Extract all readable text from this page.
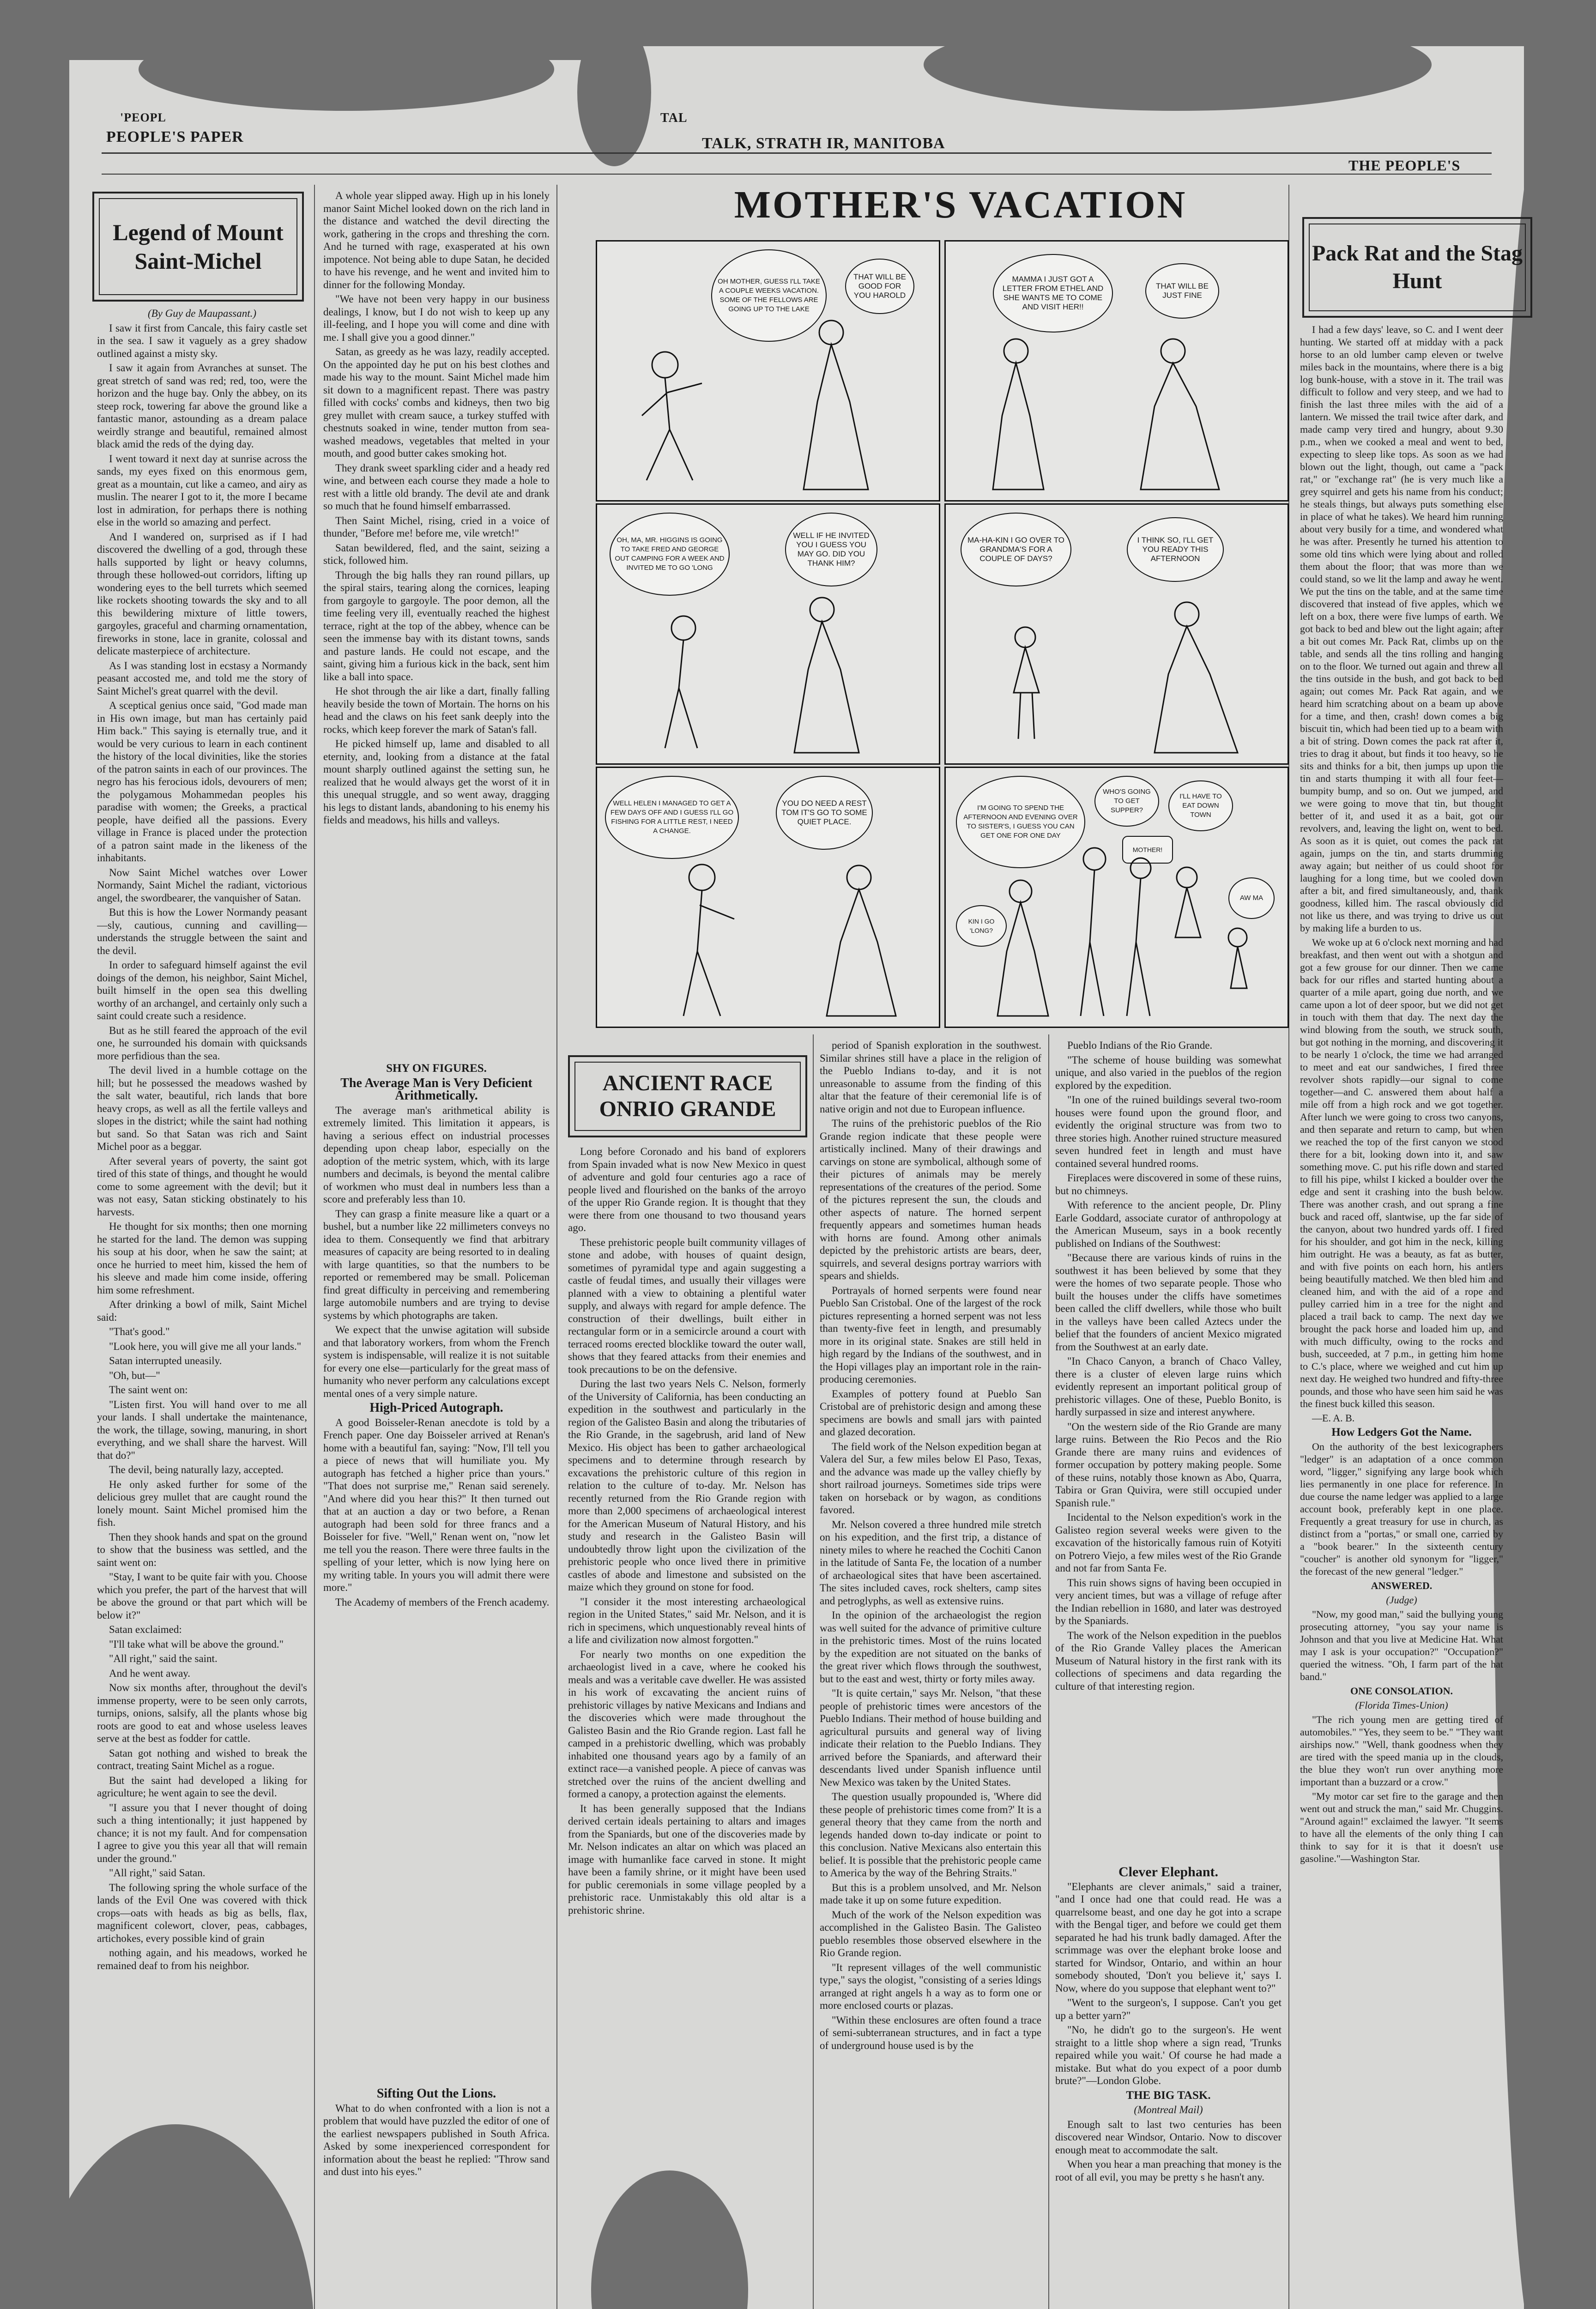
PEOPLE'S PAPER
'PEOPL	TAL
TALK, STRATH IR, MANITOBA
THE PEOPLE'S
Legend of Mount Saint-Michel

(By Guy de Maupassant.)

I saw it first from Cancale, this fairy castle set in the sea. I saw it vaguely as a grey shadow outlined against a misty sky.

I saw it again from Avranches at sunset. The great stretch of sand was red; red, too, were the horizon and the huge bay. Only the abbey, on its steep rock, towering far above the ground like a fantastic manor, astounding as a dream palace weirdly strange and beautiful, remained almost black amid the reds of the dying day.

I went toward it next day at sunrise across the sands, my eyes fixed on this enormous gem, great as a mountain, cut like a cameo, and airy as muslin. The nearer I got to it, the more I became lost in admiration, for perhaps there is nothing else in the world so amazing and perfect.

And I wandered on, surprised as if I had discovered the dwelling of a god, through these halls supported by light or heavy columns, through these hollowed-out corridors, lifting up wondering eyes to the bell turrets which seemed like rockets shooting towards the sky and to all this bewildering mixture of little towers, gargoyles, graceful and charming ornamentation, fireworks in stone, lace in granite, colossal and delicate masterpiece of architecture.

As I was standing lost in ecstasy a Normandy peasant accosted me, and told me the story of Saint Michel's great quarrel with the devil.

A sceptical genius once said, "God made man in His own image, but man has certainly paid Him back." This saying is eternally true, and it would be very curious to learn in each continent the history of the local divinities, like the stories of the patron saints in each of our provinces. The negro has his ferocious idols, devourers of men; the polygamous Mohammedan peoples his paradise with women; the Greeks, a practical people, have deified all the passions. Every village in France is placed under the protection of a patron saint made in the likeness of the inhabitants.

Now Saint Michel watches over Lower Normandy, Saint Michel the radiant, victorious angel, the swordbearer, the vanquisher of Satan.

But this is how the Lower Normandy peasant—sly, cautious, cunning and cavilling—understands the struggle between the saint and the devil.

In order to safeguard himself against the evil doings of the demon, his neighbor, Saint Michel, built himself in the open sea this dwelling worthy of an archangel, and certainly only such a saint could create such a residence.

But as he still feared the approach of the evil one, he surrounded his domain with quicksands more perfidious than the sea.

The devil lived in a humble cottage on the hill; but he possessed the meadows washed by the salt water, beautiful, rich lands that bore heavy crops, as well as all the fertile valleys and slopes in the district; while the saint had nothing but sand. So that Satan was rich and Saint Michel poor as a beggar.

After several years of poverty, the saint got tired of this state of things, and thought he would come to some agreement with the devil; but it was not easy, Satan sticking obstinately to his harvests.

He thought for six months; then one morning he started for the land. The demon was supping his soup at his door, when he saw the saint; at once he hurried to meet him, kissed the hem of his sleeve and made him come inside, offering him some refreshment.

After drinking a bowl of milk, Saint Michel said:

"That's good."

"Look here, you will give me all your lands."

Satan interrupted uneasily.

"Oh, but—"

The saint went on:

"Listen first. You will hand over to me all your lands. I shall undertake the maintenance, the work, the tillage, sowing, manuring, in short everything, and we shall share the harvest. Will that do?"

The devil, being naturally lazy, accepted.

He only asked further for some of the delicious grey mullet that are caught round the lonely mount. Saint Michel promised him the fish.

Then they shook hands and spat on the ground to show that the business was settled, and the saint went on:

"Stay, I want to be quite fair with you. Choose which you prefer, the part of the harvest that will be above the ground or that part which will be below it?"

Satan exclaimed:

"I'll take what will be above the ground."

"All right," said the saint.

And he went away.

Now six months after, throughout the devil's immense property, were to be seen only carrots, turnips, onions, salsify, all the plants whose big roots are good to eat and whose useless leaves serve at the best as fodder for cattle.

Satan got nothing and wished to break the contract, treating Saint Michel as a rogue.

But the saint had developed a liking for agriculture; he went again to see the devil.

"I assure you that I never thought of doing such a thing intentionally; it just happened by chance; it is not my fault. And for compensation I agree to give you this year all that will remain under the ground."

"All right," said Satan.

The following spring the whole surface of the lands of the Evil One was covered with thick crops—oats with heads as big as bells, flax, magnificent colewort, clover, peas, cabbages, artichokes, every possible kind of grain

nothing again, and his meadows, worked he remained deaf to from his neighbor.

A whole year slipped away. High up in his lonely manor Saint Michel looked down on the rich land in the distance and watched the devil directing the work, gathering in the crops and threshing the corn. And he turned with rage, exasperated at his own impotence. Not being able to dupe Satan, he decided to have his revenge, and he went and invited him to dinner for the following Monday.

"We have not been very happy in our business dealings, I know, but I do not wish to keep up any ill-feeling, and I hope you will come and dine with me. I shall give you a good dinner."

Satan, as greedy as he was lazy, readily accepted. On the appointed day he put on his best clothes and made his way to the mount. Saint Michel made him sit down to a magnificent repast. There was pastry filled with cocks' combs and kidneys, then two big grey mullet with cream sauce, a turkey stuffed with chestnuts soaked in wine, tender mutton from sea-washed meadows, vegetables that melted in your mouth, and good butter cakes smoking hot.

They drank sweet sparkling cider and a heady red wine, and between each course they made a hole to rest with a little old brandy. The devil ate and drank so much that he found himself embarrassed.

Then Saint Michel, rising, cried in a voice of thunder, "Before me! before me, vile wretch!"

Satan bewildered, fled, and the saint, seizing a stick, followed him.

Through the big halls they ran round pillars, up the spiral stairs, tearing along the cornices, leaping from gargoyle to gargoyle. The poor demon, all the time feeling very ill, eventually reached the highest terrace, right at the top of the abbey, whence can be seen the immense bay with its distant towns, sands and pasture lands. He could not escape, and the saint, giving him a furious kick in the back, sent him like a ball into space.

He shot through the air like a dart, finally falling heavily beside the town of Mortain. The horns on his head and the claws on his feet sank deeply into the rocks, which keep forever the mark of Satan's fall.

He picked himself up, lame and disabled to all eternity, and, looking from a distance at the fatal mount sharply outlined against the setting sun, he realized that he would always get the worst of it in this unequal struggle, and so went away, dragging his legs to distant lands, abandoning to his enemy his fields and meadows, his hills and valleys.

SHY ON FIGURES.

The Average Man is Very Deficient Arithmetically.

The average man's arithmetical ability is extremely limited. This limitation it appears, is having a serious effect on industrial processes depending upon cheap labor, especially on the adoption of the metric system, which, with its large numbers and decimals, is beyond the mental calibre of workmen who must deal in numbers less than a score and preferably less than 10.

They can grasp a finite measure like a quart or a bushel, but a number like 22 millimeters conveys no idea to them. Consequently we find that arbitrary measures of capacity are being resorted to in dealing with large quantities, so that the numbers to be reported or remembered may be small. Policeman find great difficulty in perceiving and remembering large automobile numbers and are trying to devise systems by which photographs are taken.

We expect that the unwise agitation will subside and that laboratory workers, from whom the French system is indispensable, will realize it is not suitable for every one else—particularly for the great mass of humanity who never perform any calculations except mental ones of a very simple nature.

High-Priced Autograph.

A good Boisseler-Renan anecdote is told by a French paper. One day Boisseler arrived at Renan's home with a beautiful fan, saying: "Now, I'll tell you a piece of news that will humiliate you. My autograph has fetched a higher price than yours." "That does not surprise me," Renan said serenely. "And where did you hear this?" It then turned out that at an auction a day or two before, a Renan autograph had been sold for three francs and a Boisseler for five. "Well," Renan went on, "now let me tell you the reason. There were three faults in the spelling of your letter, which is now lying here on my writing table. In yours you will admit there were more."

The Academy of members of the French academy.

Sifting Out the Lions.

What to do when confronted with a lion is not a problem that would have puzzled the editor of one of the earliest newspapers published in South Africa. Asked by some inexperienced correspondent for information about the beast he replied: "Throw sand and dust into his eyes."

MOTHER'S VACATION
OH MOTHER, GUESS I'LL TAKE A COUPLE WEEKS VACATION. SOME OF THE FELLOWS ARE GOING UP TO THE LAKE
THAT WILL BE GOOD FOR YOU HAROLD
MAMMA I JUST GOT A LETTER FROM ETHEL AND SHE WANTS ME TO COME AND VISIT HER!!
THAT WILL BE JUST FINE
OH, MA, MR. HIGGINS IS GOING TO TAKE FRED AND GEORGE OUT CAMPING FOR A WEEK AND INVITED ME TO GO 'LONG
WELL IF HE INVITED YOU I GUESS YOU MAY GO. DID YOU THANK HIM?
MA-HA-KIN I GO OVER TO GRANDMA'S FOR A COUPLE OF DAYS?
I THINK SO, I'LL GET YOU READY THIS AFTERNOON
WELL HELEN I MANAGED TO GET A FEW DAYS OFF AND I GUESS I'LL GO FISHING FOR A LITTLE REST, I NEED A CHANGE.
YOU DO NEED A REST TOM IT'S GO TO SOME QUIET PLACE.
I'M GOING TO SPEND THE AFTERNOON AND EVENING OVER TO SISTER'S, I GUESS YOU CAN GET ONE FOR ONE DAY
WHO'S GOING TO GET SUPPER?
I'LL HAVE TO EAT DOWN TOWN
MOTHER!
KIN I GO 'LONG?
AW MA
ANCIENT RACE ONRIO GRANDE

Long before Coronado and his band of explorers from Spain invaded what is now New Mexico in quest of adventure and gold four centuries ago a race of people lived and flourished on the banks of the arroyo of the upper Rio Grande region. It is thought that they were there from one thousand to two thousand years ago.

These prehistoric people built community villages of stone and adobe, with houses of quaint design, sometimes of pyramidal type and again suggesting a castle of feudal times, and usually their villages were planned with a view to obtaining a plentiful water supply, and always with regard for ample defence. The construction of their dwellings, built either in rectangular form or in a semicircle around a court with terraced rooms erected blocklike toward the outer wall, shows that they feared attacks from their enemies and took precautions to be on the defensive.

During the last two years Nels C. Nelson, formerly of the University of California, has been conducting an expedition in the southwest and particularly in the region of the Galisteo Basin and along the tributaries of the Rio Grande, in the sagebrush, arid land of New Mexico. His object has been to gather archaeological specimens and to determine through research by excavations the prehistoric culture of this region in relation to the culture of to-day. Mr. Nelson has recently returned from the Rio Grande region with more than 2,000 specimens of archaeological interest for the American Museum of Natural History, and his study and research in the Galisteo Basin will undoubtedly throw light upon the civilization of the prehistoric people who once lived there in primitive castles of abode and limestone and subsisted on the maize which they ground on stone for food.

"I consider it the most interesting archaeological region in the United States," said Mr. Nelson, and it is rich in specimens, which unquestionably reveal hints of a life and civilization now almost forgotten."

For nearly two months on one expedition the archaeologist lived in a cave, where he cooked his meals and was a veritable cave dweller. He was assisted in his work of excavating the ancient ruins of prehistoric villages by native Mexicans and Indians and the discoveries which were made throughout the Galisteo Basin and the Rio Grande region. Last fall he camped in a prehistoric dwelling, which was probably inhabited one thousand years ago by a family of an extinct race—a vanished people. A piece of canvas was stretched over the ruins of the ancient dwelling and formed a canopy, a protection against the elements.

It has been generally supposed that the Indians derived certain ideals pertaining to altars and images from the Spaniards, but one of the discoveries made by Mr. Nelson indicates an altar on which was placed an image with humanlike face carved in stone. It might have been a family shrine, or it might have been used for public ceremonials in some village peopled by a prehistoric race. Unmistakably this old altar is a prehistoric shrine.

period of Spanish exploration in the southwest. Similar shrines still have a place in the religion of the Pueblo Indians to-day, and it is not unreasonable to assume from the finding of this altar that the feature of their ceremonial life is of native origin and not due to European influence.

The ruins of the prehistoric pueblos of the Rio Grande region indicate that these people were artistically inclined. Many of their drawings and carvings on stone are symbolical, although some of their pictures of animals may be merely representations of the creatures of the period. Some of the pictures represent the sun, the clouds and other aspects of nature. The horned serpent frequently appears and sometimes human heads with horns are found. Among other animals depicted by the prehistoric artists are bears, deer, squirrels, and several designs portray warriors with spears and shields.

Portrayals of horned serpents were found near Pueblo San Cristobal. One of the largest of the rock pictures representing a horned serpent was not less than twenty-five feet in length, and presumably more in its original state. Snakes are still held in high regard by the Indians of the southwest, and in the Hopi villages play an important role in the rain-producing ceremonies.

Examples of pottery found at Pueblo San Cristobal are of prehistoric design and among these specimens are bowls and small jars with painted and glazed decoration.

The field work of the Nelson expedition began at Valera del Sur, a few miles below El Paso, Texas, and the advance was made up the valley chiefly by short railroad journeys. Sometimes side trips were taken on horseback or by wagon, as conditions favored.

Mr. Nelson covered a three hundred mile stretch on his expedition, and the first trip, a distance of ninety miles to where he reached the Cochiti Canon in the latitude of Santa Fe, the location of a number of archaeological sites that have been ascertained. The sites included caves, rock shelters, camp sites and petroglyphs, as well as extensive ruins.

In the opinion of the archaeologist the region was well suited for the advance of primitive culture in the prehistoric times. Most of the ruins located by the expedition are not situated on the banks of the great river which flows through the southwest, but to the east and west, thirty or forty miles away.

"It is quite certain," says Mr. Nelson, "that these people of prehistoric times were ancestors of the Pueblo Indians. Their method of house building and agricultural pursuits and general way of living indicate their relation to the Pueblo Indians. They arrived before the Spaniards, and afterward their descendants lived under Spanish influence until New Mexico was taken by the United States.

The question usually propounded is, 'Where did these people of prehistoric times come from?' It is a general theory that they came from the north and legends handed down to-day indicate or point to this conclusion. Native Mexicans also entertain this belief. It is possible that the prehistoric people came to America by the way of the Behring Straits."

But this is a problem unsolved, and Mr. Nelson made take it up on some future expedition.

Much of the work of the Nelson expedition was accomplished in the Galisteo Basin. The Galisteo pueblo resembles those observed elsewhere in the Rio Grande region.

"It represent villages of the well communistic type," says the ologist, "consisting of a series ldings arranged at right angels h a way as to form one or more enclosed courts or plazas.

"Within these enclosures are often found a trace of semi-subterranean structures, and in fact a type of underground house used is by the

Pueblo Indians of the Rio Grande.

"The scheme of house building was somewhat unique, and also varied in the pueblos of the region explored by the expedition.

"In one of the ruined buildings several two-room houses were found upon the ground floor, and evidently the original structure was from two to three stories high. Another ruined structure measured seven hundred feet in length and must have contained several hundred rooms.

Fireplaces were discovered in some of these ruins, but no chimneys.

With reference to the ancient people, Dr. Pliny Earle Goddard, associate curator of anthropology at the American Museum, says in a book recently published on Indians of the Southwest:

"Because there are various kinds of ruins in the southwest it has been believed by some that they were the homes of two separate people. Those who built the houses under the cliffs have sometimes been called the cliff dwellers, while those who built in the valleys have been called Aztecs under the belief that the founders of ancient Mexico migrated from the Southwest at an early date.

"In Chaco Canyon, a branch of Chaco Valley, there is a cluster of eleven large ruins which evidently represent an important political group of prehistoric villages. One of these, Pueblo Bonito, is hardly surpassed in size and interest anywhere.

"On the western side of the Rio Grande are many large ruins. Between the Rio Pecos and the Rio Grande there are many ruins and evidences of former occupation by pottery making people. Some of these ruins, notably those known as Abo, Quarra, Tabira or Gran Quivira, were still occupied under Spanish rule."

Incidental to the Nelson expedition's work in the Galisteo region several weeks were given to the excavation of the historically famous ruin of Kotyiti on Potrero Viejo, a few miles west of the Rio Grande and not far from Santa Fe.

This ruin shows signs of having been occupied in very ancient times, but was a village of refuge after the Indian rebellion in 1680, and later was destroyed by the Spaniards.

The work of the Nelson expedition in the pueblos of the Rio Grande Valley places the American Museum of Natural history in the first rank with its collections of specimens and data regarding the culture of that interesting region.

Clever Elephant.

"Elephants are clever animals," said a trainer, "and I once had one that could read. He was a quarrelsome beast, and one day he got into a scrape with the Bengal tiger, and before we could get them separated he had his trunk badly damaged. After the scrimmage was over the elephant broke loose and started for Windsor, Ontario, and within an hour somebody shouted, 'Don't you believe it,' says I. Now, where do you suppose that elephant went to?"

"Went to the surgeon's, I suppose. Can't you get up a better yarn?"

"No, he didn't go to the surgeon's. He went straight to a little shop where a sign read, 'Trunks repaired while you wait.' Of course he had made a mistake. But what do you expect of a poor dumb brute?"—London Globe.

THE BIG TASK.

(Montreal Mail)

Enough salt to last two centuries has been discovered near Windsor, Ontario. Now to discover enough meat to accommodate the salt.

When you hear a man preaching that money is the root of all evil, you may be pretty s he hasn't any.

Pack Rat and the Stag Hunt

I had a few days' leave, so C. and I went deer hunting. We started off at midday with a pack horse to an old lumber camp eleven or twelve miles back in the mountains, where there is a big log bunk-house, with a stove in it. The trail was difficult to follow and very steep, and we had to finish the last three miles with the aid of a lantern. We missed the trail twice after dark, and made camp very tired and hungry, about 9.30 p.m., when we cooked a meal and went to bed, expecting to sleep like tops. As soon as we had blown out the light, though, out came a "pack rat," or "exchange rat" (he is very much like a grey squirrel and gets his name from his conduct; he steals things, but always puts something else in place of what he takes). We heard him running about very busily for a time, and wondered what he was after. Presently he turned his attention to some old tins which were lying about and rolled them about the floor; that was more than we could stand, so we lit the lamp and away he went. We put the tins on the table, and at the same time discovered that instead of five apples, which we left on a box, there were five lumps of earth. We got back to bed and blew out the light again; after a bit out comes Mr. Pack Rat, climbs up on the table, and sends all the tins rolling and hanging on to the floor. We turned out again and threw all the tins outside in the bush, and got back to bed again; out comes Mr. Pack Rat again, and we heard him scratching about on a beam up above for a time, and then, crash! down comes a big biscuit tin, which had been tied up to a beam with a bit of string. Down comes the pack rat after it, tries to drag it about, but finds it too heavy, so he sits and thinks for a bit, then jumps up upon the tin and starts thumping it with all four feet—bumpity bump, and so on. Out we jumped, and we were going to move that tin, but thought better of it, and used it as a bait, got our revolvers, and, leaving the light on, went to bed. As soon as it is quiet, out comes the pack rat again, jumps on the tin, and starts drumming away again; but neither of us could shoot for laughing for a long time, but we cooled down after a bit, and fired simultaneously, and, thank goodness, killed him. The rascal obviously did not like us there, and was trying to drive us out by making life a burden to us.

We woke up at 6 o'clock next morning and had breakfast, and then went out with a shotgun and got a few grouse for our dinner. Then we came back for our rifles and started hunting about a quarter of a mile apart, going due north, and we came upon a lot of deer spoor, but we did not get in touch with them that day. The next day the wind blowing from the south, we struck south, but got nothing in the morning, and discovering it to be nearly 1 o'clock, the time we had arranged to meet and eat our sandwiches, I fired three revolver shots rapidly—our signal to come together—and C. answered them about half a mile off from a high rock and we got together. After lunch we were going to cross two canyons, and then separate and return to camp, but when we reached the top of the first canyon we stood there for a bit, looking down into it, and saw something move. C. put his rifle down and started to fill his pipe, whilst I kicked a boulder over the edge and sent it crashing into the bush below. There was another crash, and out sprang a fine buck and raced off, slantwise, up the far side of the canyon, about two hundred yards off. I fired for his shoulder, and got him in the neck, killing him outright. He was a beauty, as fat as butter, and with five points on each horn, his antlers being beautifully matched. We then bled him and cleaned him, and with the aid of a rope and pulley carried him in a tree for the night and placed a trail back to camp. The next day we brought the pack horse and loaded him up, and with much difficulty, owing to the rocks and bush, succeeded, at 7 p.m., in getting him home to C.'s place, where we weighed and cut him up next day. He weighed two hundred and fifty-three pounds, and those who have seen him said he was the finest buck killed this season.

—E. A. B.

How Ledgers Got the Name.

On the authority of the best lexicographers "ledger" is an adaptation of a once common word, "ligger," signifying any large book which lies permanently in one place for reference. In due course the name ledger was applied to a large account book, preferably kept in one place. Frequently a great treasury for use in church, as distinct from a "portas," or small one, carried by a "book bearer." In the sixteenth century "coucher" is another old synonym for "ligger," the forecast of the new general "ledger."

ANSWERED.

(Judge)

"Now, my good man," said the bullying young prosecuting attorney, "you say your name is Johnson and that you live at Medicine Hat. What may I ask is your occupation?" "Occupation?" queried the witness. "Oh, I farm part of the hat band."

ONE CONSOLATION.

(Florida Times-Union)

"The rich young men are getting tired of automobiles." "Yes, they seem to be." "They want airships now." "Well, thank goodness when they are tired with the speed mania up in the clouds, the blue they won't run over anything more important than a buzzard or a crow."

"My motor car set fire to the garage and then went out and struck the man," said Mr. Chuggins. "Around again!" exclaimed the lawyer. "It seems to have all the elements of the only thing I can think to say for it is that it doesn't use gasoline."—Washington Star.
